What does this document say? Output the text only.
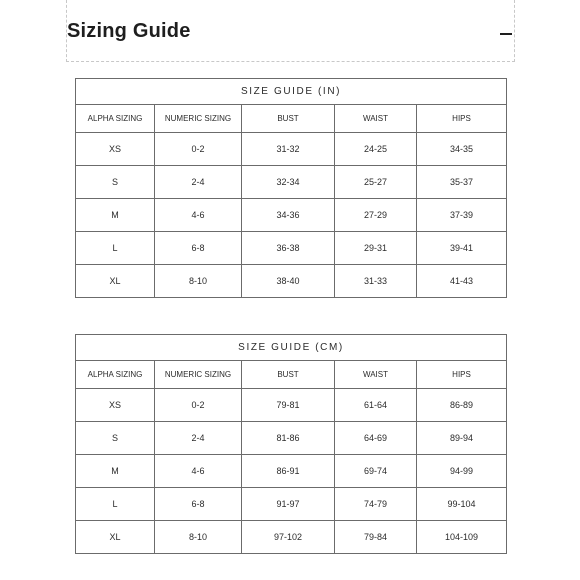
Sizing Guide
SIZE GUIDE (IN)				
ALPHA SIZING	NUMERIC SIZING	BUST	WAIST	HIPS
XS	0-2	31-32	24-25	34-35
S	2-4	32-34	25-27	35-37
M	4-6	34-36	27-29	37-39
L	6-8	36-38	29-31	39-41
XL	8-10	38-40	31-33	41-43
SIZE GUIDE (CM)				
ALPHA SIZING	NUMERIC SIZING	BUST	WAIST	HIPS
XS	0-2	79-81	61-64	86-89
S	2-4	81-86	64-69	89-94
M	4-6	86-91	69-74	94-99
L	6-8	91-97	74-79	99-104
XL	8-10	97-102	79-84	104-109
